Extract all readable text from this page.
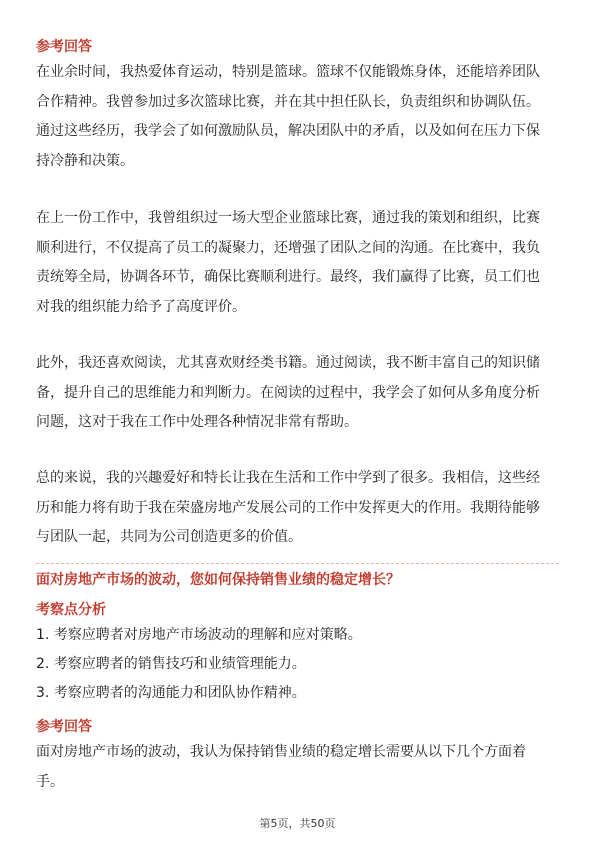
参考回答

在业余时间，我热爱体育运动，特别是篮球。篮球不仅能锻炼身体，还能培养团队
合作精神。我曾参加过多次篮球比赛，并在其中担任队长，负责组织和协调队伍。
通过这些经历，我学会了如何激励队员，解决团队中的矛盾，以及如何在压力下保
持冷静和决策。

在上一份工作中，我曾组织过一场大型企业篮球比赛，通过我的策划和组织，比赛
顺利进行，不仅提高了员工的凝聚力，还增强了团队之间的沟通。在比赛中，我负
责统筹全局，协调各环节，确保比赛顺利进行。最终，我们赢得了比赛，员工们也
对我的组织能力给予了高度评价。

此外，我还喜欢阅读，尤其喜欢财经类书籍。通过阅读，我不断丰富自己的知识储
备，提升自己的思维能力和判断力。在阅读的过程中，我学会了如何从多角度分析
问题，这对于我在工作中处理各种情况非常有帮助。

总的来说，我的兴趣爱好和特长让我在生活和工作中学到了很多。我相信，这些经
历和能力将有助于我在荣盛房地产发展公司的工作中发挥更大的作用。我期待能够
与团队一起，共同为公司创造更多的价值。

面对房地产市场的波动，您如何保持销售业绩的稳定增长？
考察点分析
1. 考察应聘者对房地产市场波动的理解和应对策略。
2. 考察应聘者的销售技巧和业绩管理能力。
3. 考察应聘者的沟通能力和团队协作精神。
参考回答

面对房地产市场的波动，我认为保持销售业绩的稳定增长需要从以下几个方面着
手。

第5页，共50页
